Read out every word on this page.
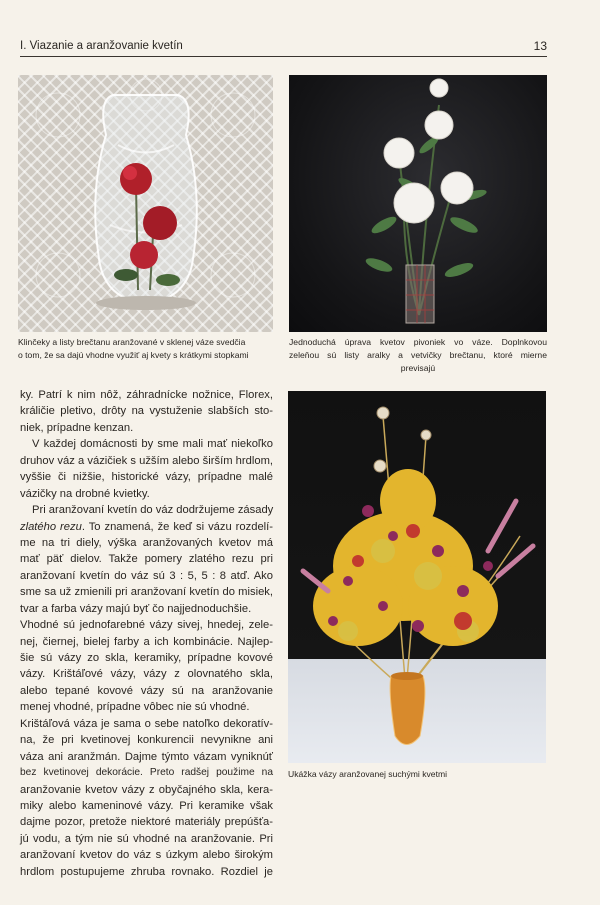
I. Viazanie a aranžovanie kvetín	13
Klinčeky a listy brečtanu aranžované v sklenej váze svedčia
o tom, že sa dajú vhodne využiť aj kvety s krátkymi stopkami
Jednoduchá úprava kvetov pivoniek vo váze. Doplnkovou
zeleňou sú listy aralky a vetvičky brečtanu, ktoré mierne
previsajú
Ukážka vázy aranžovanej suchými kvetmi
ky. Patrí k nim nôž, záhradnícke nožnice, Florex,
králičie pletivo, drôty na vystuženie slabších sto-
niek, prípadne kenzan.
V každej domácnosti by sme mali mať niekoľko
druhov váz a vázičiek s užším alebo širším hrdlom,
vyššie či nižšie, historické vázy, prípadne malé
vázičky na drobné kvietky.
Pri aranžovaní kvetín do váz dodržujeme zásady
zlatého rezu. To znamená, že keď si vázu rozdelí-
me na tri diely, výška aranžovaných kvetov má
mať päť dielov. Takže pomery zlatého rezu pri
aranžovaní kvetín do váz sú 3 : 5, 5 : 8 atď. Ako
sme sa už zmienili pri aranžovaní kvetín do misiek,
tvar a farba vázy majú byť čo najjednoduchšie.
Vhodné sú jednofarebné vázy sivej, hnedej, zele-
nej, čiernej, bielej farby a ich kombinácie. Najlep-
šie sú vázy zo skla, keramiky, prípadne kovové
vázy. Krištáľové vázy, vázy z olovnatého skla,
alebo tepané kovové vázy sú na aranžovanie
menej vhodné, prípadne vôbec nie sú vhodné.
Krištáľová váza je sama o sebe natoľko dekoratív-
na, že pri kvetinovej konkurencii nevynikne ani
váza ani aranžmán. Dajme týmto vázam vyniknúť
bez kvetinovej dekorácie. Preto radšej použime na
aranžovanie kvetov vázy z obyčajného skla, kera-
miky alebo kameninové vázy. Pri keramike však
dajme pozor, pretože niektoré materiály prepúšťa-
jú vodu, a tým nie sú vhodné na aranžovanie. Pri
aranžovaní kvetov do váz s úzkym alebo širokým
hrdlom postupujeme zhruba rovnako. Rozdiel je
